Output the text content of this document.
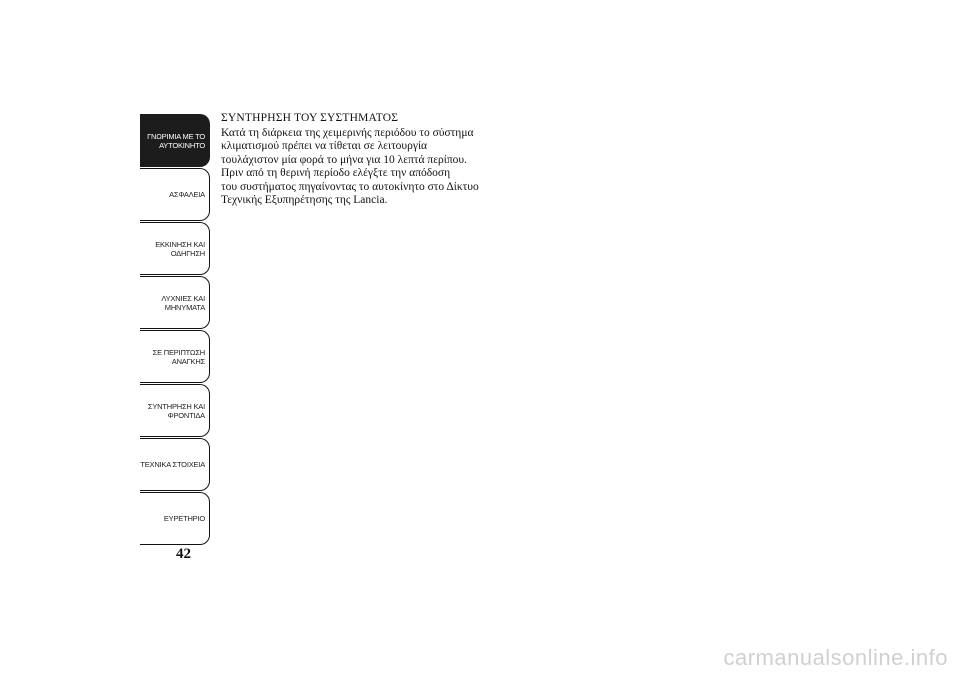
ΓΝΩΡΙΜΙΑ ΜΕ ΤΟ
ΑΥΤΟΚΙΝΗΤΟ
ΑΣΦΑΛΕΙΑ
ΕΚΚΙΝΗΣΗ ΚΑΙ
ΟΔΗΓΗΣΗ
ΛΥΧΝΙΕΣ ΚΑΙ
ΜΗΝΥΜΑΤΑ
ΣΕ ΠΕΡΙΠΤΩΣΗ
ΑΝΑΓΚΗΣ
ΣΥΝΤΗΡΗΣΗ ΚΑΙ
ΦΡΟΝΤΙΔΑ
ΤΕΧΝΙΚΑ ΣΤΟΙΧΕΙΑ
ΕΥΡΕΤΗΡΙΟ
42

ΣΥΝΤΗΡΗΣΗ ΤΟΥ ΣΥΣΤΗΜΑΤΟΣ

Κατά τη διάρκεια της χειμερινής περιόδου το σύστημα

κλιματισμού πρέπει να τίθεται σε λειτουργία

τουλάχιστον μία φορά το μήνα για 10 λεπτά περίπου.

Πριν από τη θερινή περίοδο ελέγξτε την απόδοση

του συστήματος πηγαίνοντας το αυτοκίνητο στο Δίκτυο

Τεχνικής Εξυπηρέτησης της Lancia.

carmanualsonline.info
